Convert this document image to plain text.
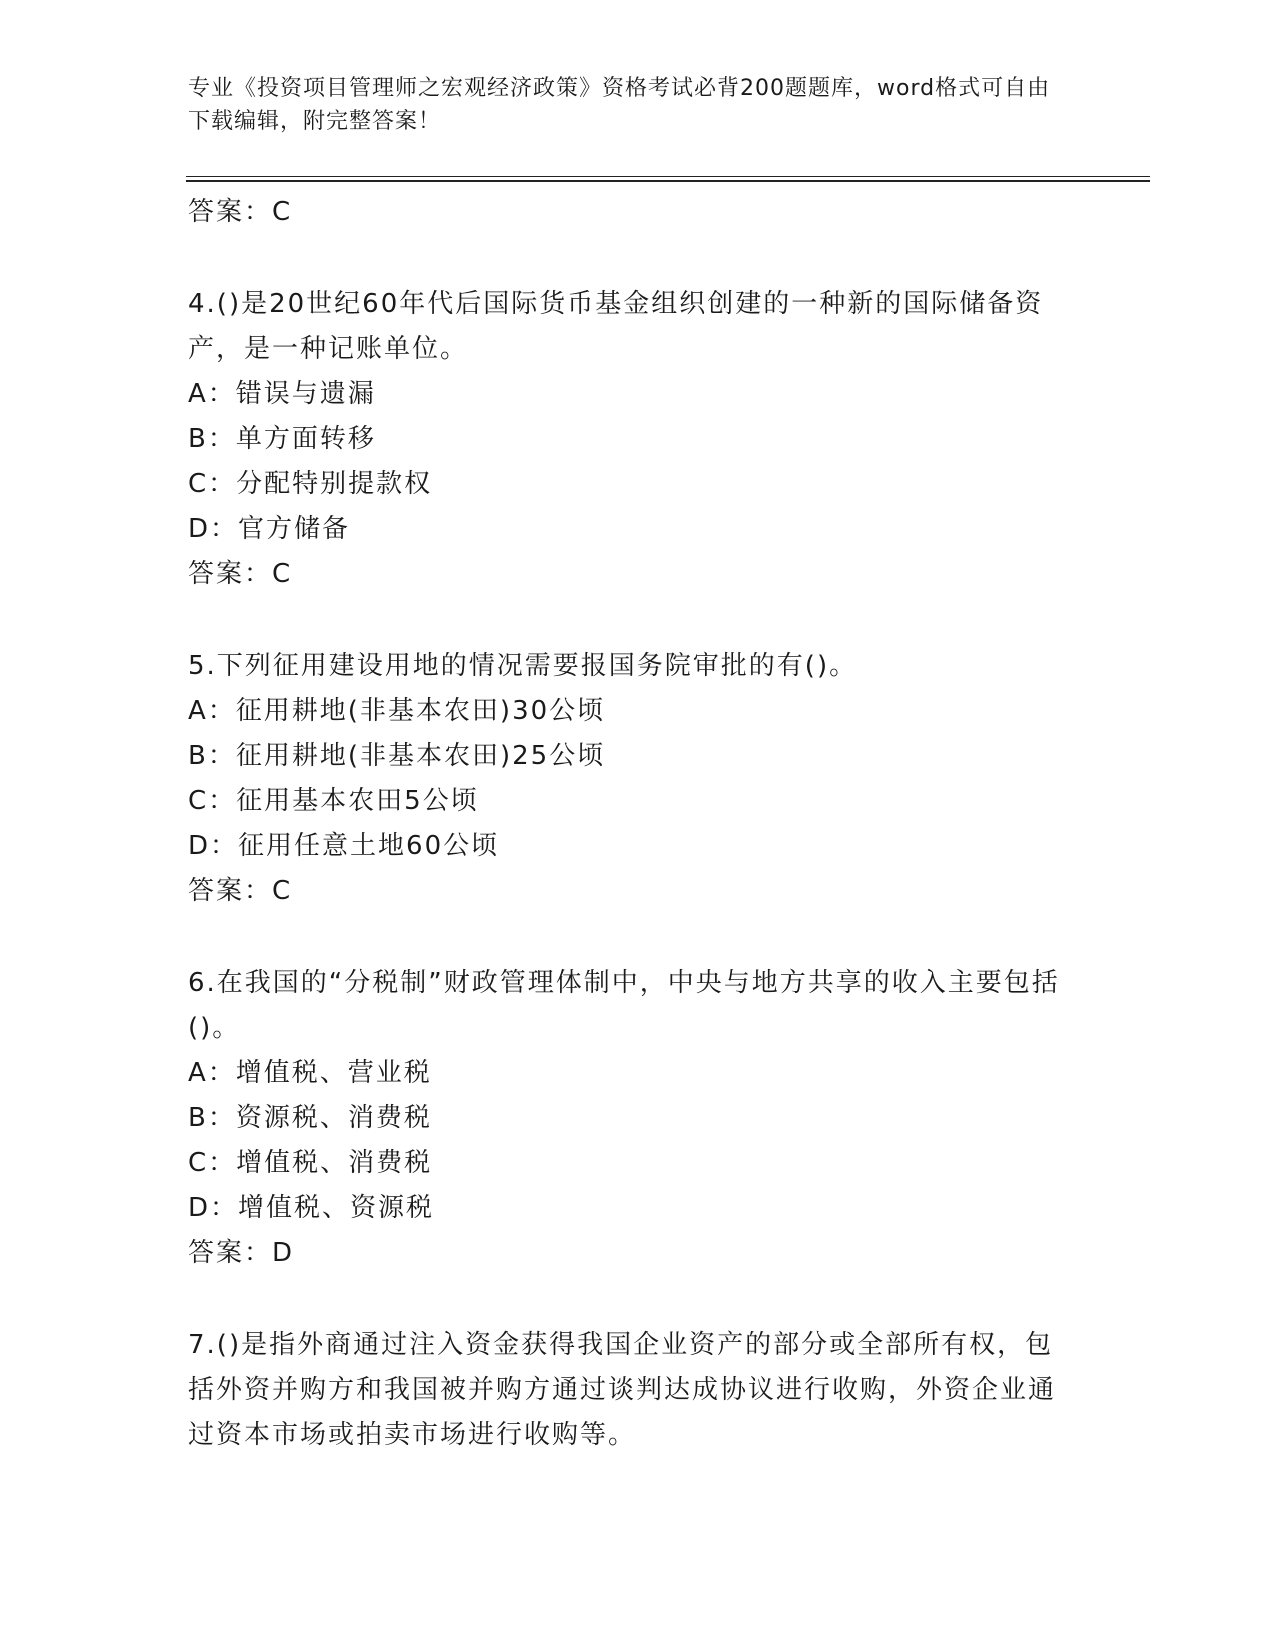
专业《投资项目管理师之宏观经济政策》资格考试必背200题题库，word格式可自由下载编辑，附完整答案！
答案：C
4.()是20世纪60年代后国际货币基金组织创建的一种新的国际储备资产，是一种记账单位。
A：错误与遗漏
B：单方面转移
C：分配特别提款权
D：官方储备
答案：C
5.下列征用建设用地的情况需要报国务院审批的有()。
A：征用耕地(非基本农田)30公顷
B：征用耕地(非基本农田)25公顷
C：征用基本农田5公顷
D：征用任意土地60公顷
答案：C
6.在我国的“分税制”财政管理体制中，中央与地方共享的收入主要包括()。
A：增值税、营业税
B：资源税、消费税
C：增值税、消费税
D：增值税、资源税
答案：D
7.()是指外商通过注入资金获得我国企业资产的部分或全部所有权，包括外资并购方和我国被并购方通过谈判达成协议进行收购，外资企业通过资本市场或拍卖市场进行收购等。
